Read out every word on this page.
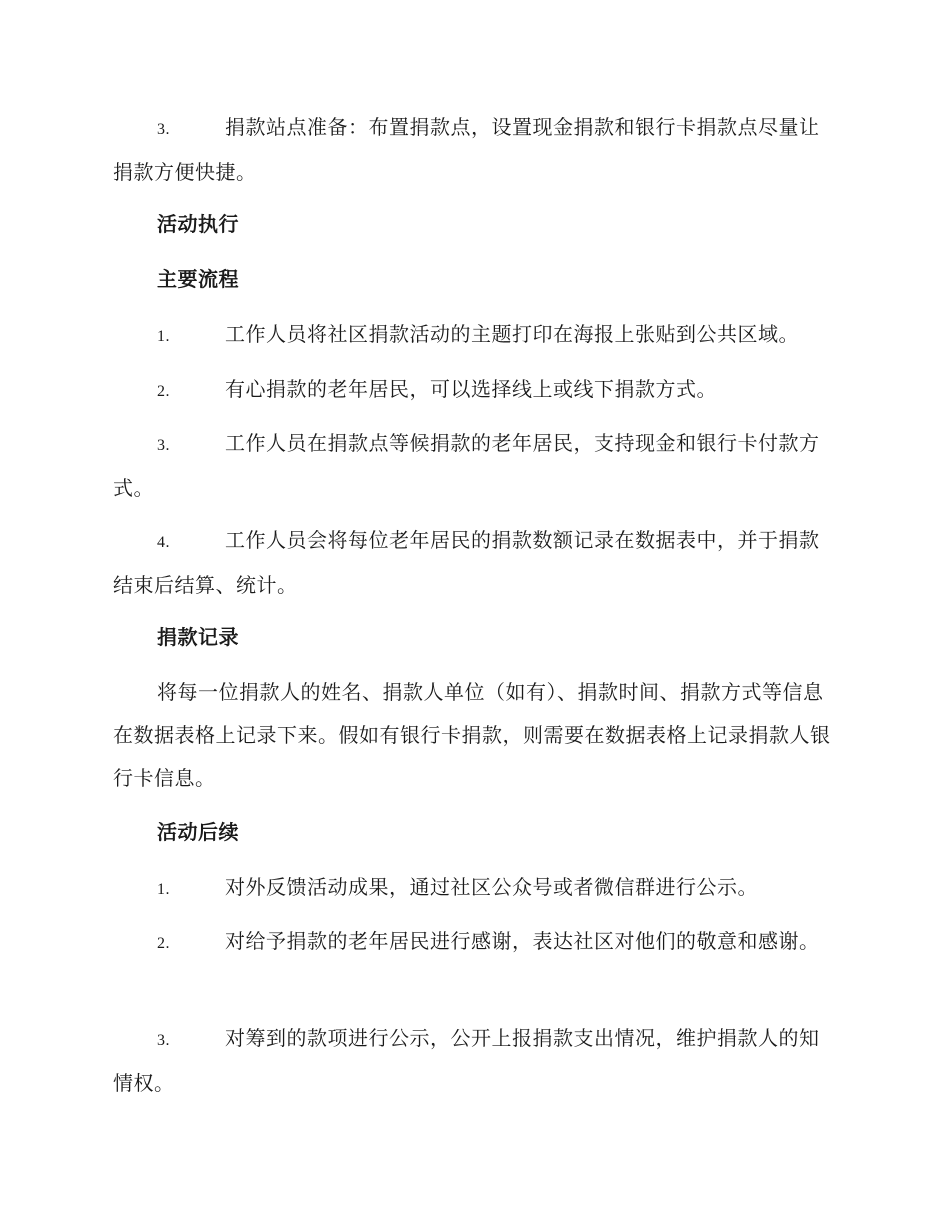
3.	捐款站点准备：布置捐款点，设置现金捐款和银行卡捐款点尽量让捐款方便快捷。
活动执行
主要流程
1.	工作人员将社区捐款活动的主题打印在海报上张贴到公共区域。
2.	有心捐款的老年居民，可以选择线上或线下捐款方式。
3.	工作人员在捐款点等候捐款的老年居民，支持现金和银行卡付款方式。
4.	工作人员会将每位老年居民的捐款数额记录在数据表中，并于捐款结束后结算、统计。
捐款记录
将每一位捐款人的姓名、捐款人单位（如有）、捐款时间、捐款方式等信息在数据表格上记录下来。假如有银行卡捐款，则需要在数据表格上记录捐款人银行卡信息。
活动后续
1.	对外反馈活动成果，通过社区公众号或者微信群进行公示。
2.	对给予捐款的老年居民进行感谢，表达社区对他们的敬意和感谢。
3.	对筹到的款项进行公示，公开上报捐款支出情况，维护捐款人的知情权。
